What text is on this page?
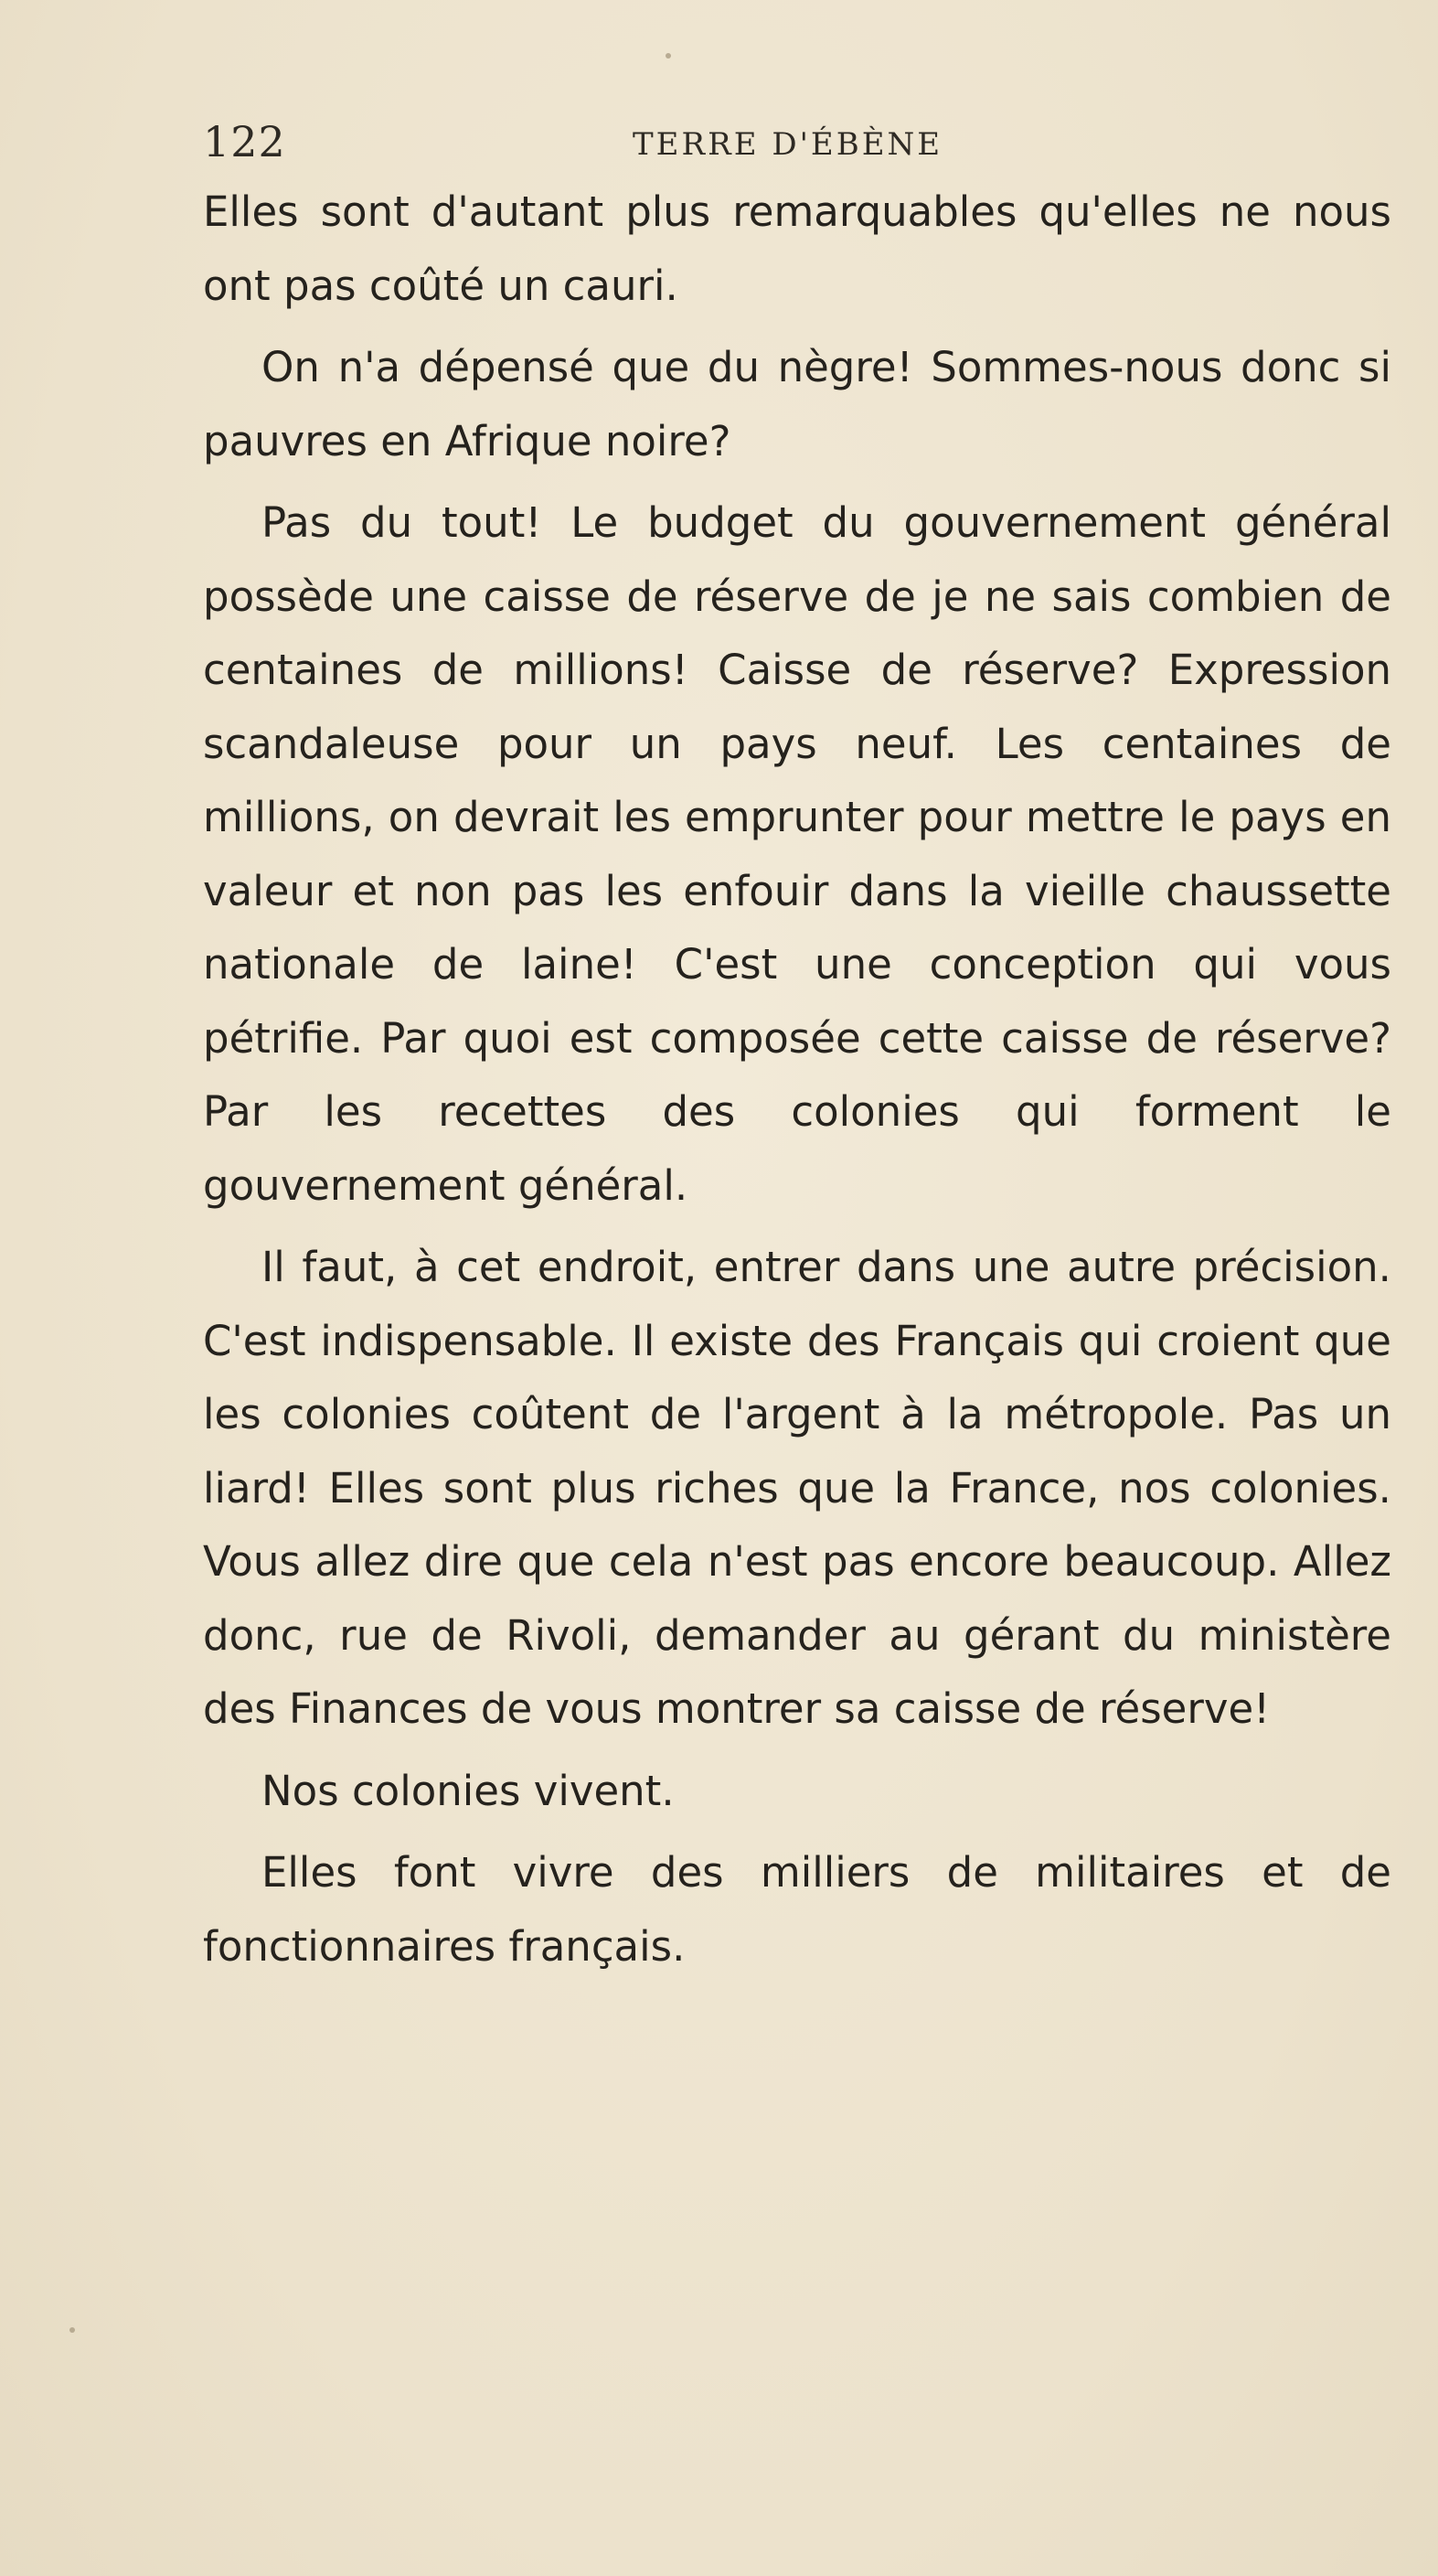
122	TERRE D'ÉBÈNE

Elles sont d'autant plus remarquables qu'elles ne nous ont pas coûté un cauri.

On n'a dépensé que du nègre! Sommes-nous donc si pauvres en Afrique noire?

Pas du tout! Le budget du gouvernement général possède une caisse de réserve de je ne sais combien de centaines de millions! Caisse de réserve? Expression scandaleuse pour un pays neuf. Les centaines de millions, on devrait les emprunter pour mettre le pays en valeur et non pas les enfouir dans la vieille chaussette nationale de laine! C'est une conception qui vous pétrifie. Par quoi est composée cette caisse de réserve? Par les recettes des colonies qui forment le gouvernement général.

Il faut, à cet endroit, entrer dans une autre précision. C'est indispensable. Il existe des Français qui croient que les colonies coûtent de l'argent à la métropole. Pas un liard! Elles sont plus riches que la France, nos colonies. Vous allez dire que cela n'est pas encore beaucoup. Allez donc, rue de Rivoli, demander au gérant du ministère des Finances de vous montrer sa caisse de réserve!

Nos colonies vivent.

Elles font vivre des milliers de militaires et de fonctionnaires français.
